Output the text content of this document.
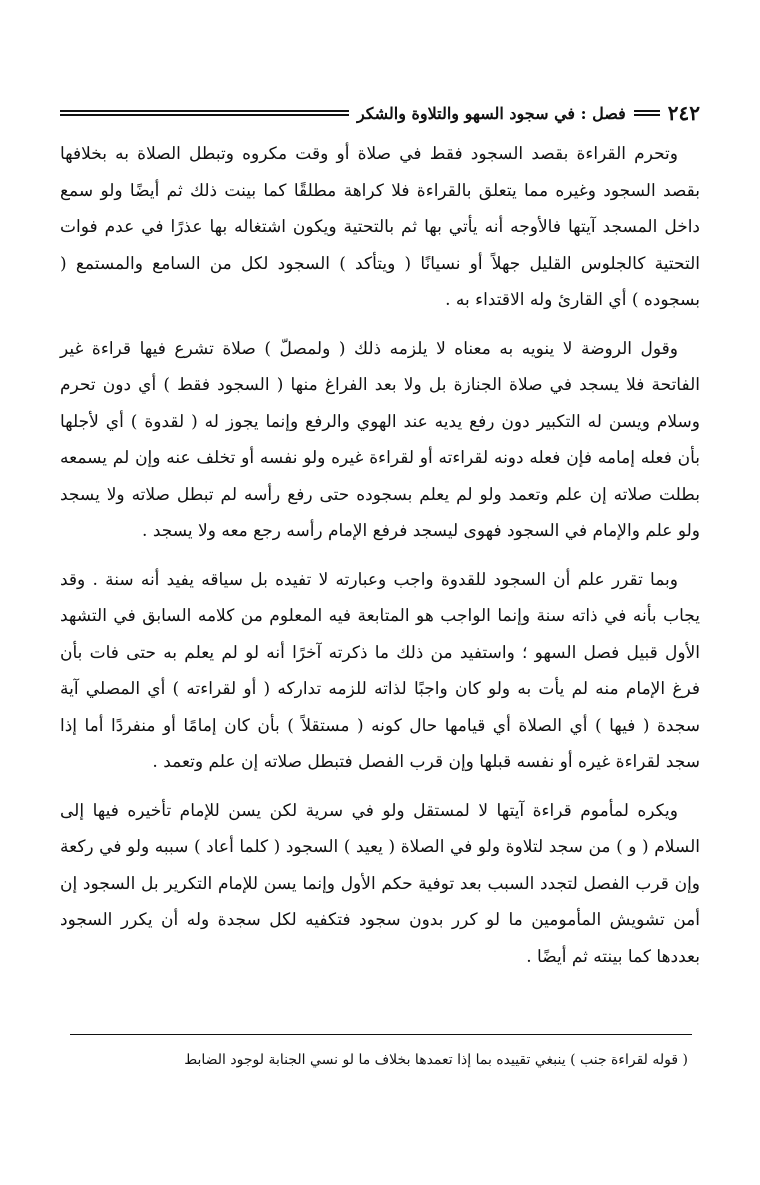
٢٤٢
فصل : في سجود السهو والتلاوة والشكر

وتحرم القراءة بقصد السجود فقط في صلاة أو وقت مكروه وتبطل الصلاة به بخلافها بقصد السجود وغيره مما يتعلق بالقراءة فلا كراهة مطلقًا كما بينت ذلك ثم أيضًا ولو سمع داخل المسجد آيتها فالأوجه أنه يأتي بها ثم بالتحتية ويكون اشتغاله بها عذرًا في عدم فوات التحتية كالجلوس القليل جهلاً أو نسيانًا ( ويتأكد ) السجود لكل من السامع والمستمع ( بسجوده ) أي القارئ وله الاقتداء به .

وقول الروضة لا ينويه به معناه لا يلزمه ذلك ( ولمصلّ ) صلاة تشرع فيها قراءة غير الفاتحة فلا يسجد في صلاة الجنازة بل ولا بعد الفراغ منها ( السجود فقط ) أي دون تحرم وسلام ويسن له التكبير دون رفع يديه عند الهوي والرفع وإنما يجوز له ( لقدوة ) أي لأجلها بأن فعله إمامه فإن فعله دونه لقراءته أو لقراءة غيره ولو نفسه أو تخلف عنه وإن لم يسمعه بطلت صلاته إن علم وتعمد ولو لم يعلم بسجوده حتى رفع رأسه لم تبطل صلاته ولا يسجد ولو علم والإمام في السجود فهوى ليسجد فرفع الإمام رأسه رجع معه ولا يسجد .

وبما تقرر علم أن السجود للقدوة واجب وعبارته لا تفيده بل سياقه يفيد أنه سنة . وقد يجاب بأنه في ذاته سنة وإنما الواجب هو المتابعة فيه المعلوم من كلامه السابق في التشهد الأول قبيل فصل السهو ؛ واستفيد من ذلك ما ذكرته آخرًا أنه لو لم يعلم به حتى فات بأن فرغ الإمام منه لم يأت به ولو كان واجبًا لذاته للزمه تداركه ( أو لقراءته ) أي المصلي آية سجدة ( فيها ) أي الصلاة أي قيامها حال كونه ( مستقلاً ) بأن كان إمامًا أو منفردًا أما إذا سجد لقراءة غيره أو نفسه قبلها وإن قرب الفصل فتبطل صلاته إن علم وتعمد .

ويكره لمأموم قراءة آيتها لا لمستقل ولو في سرية لكن يسن للإمام تأخيره فيها إلى السلام ( و ) من سجد لتلاوة ولو في الصلاة ( يعيد ) السجود ( كلما أعاد ) سببه ولو في ركعة وإن قرب الفصل لتجدد السبب بعد توفية حكم الأول وإنما يسن للإمام التكرير بل السجود إن أمن تشويش المأمومين ما لو كرر بدون سجود فتكفيه لكل سجدة وله أن يكرر السجود بعددها كما بينته ثم أيضًا .

( قوله لقراءة جنب ) ينبغي تقييده بما إذا تعمدها بخلاف ما لو نسي الجنابة لوجود الضابط
